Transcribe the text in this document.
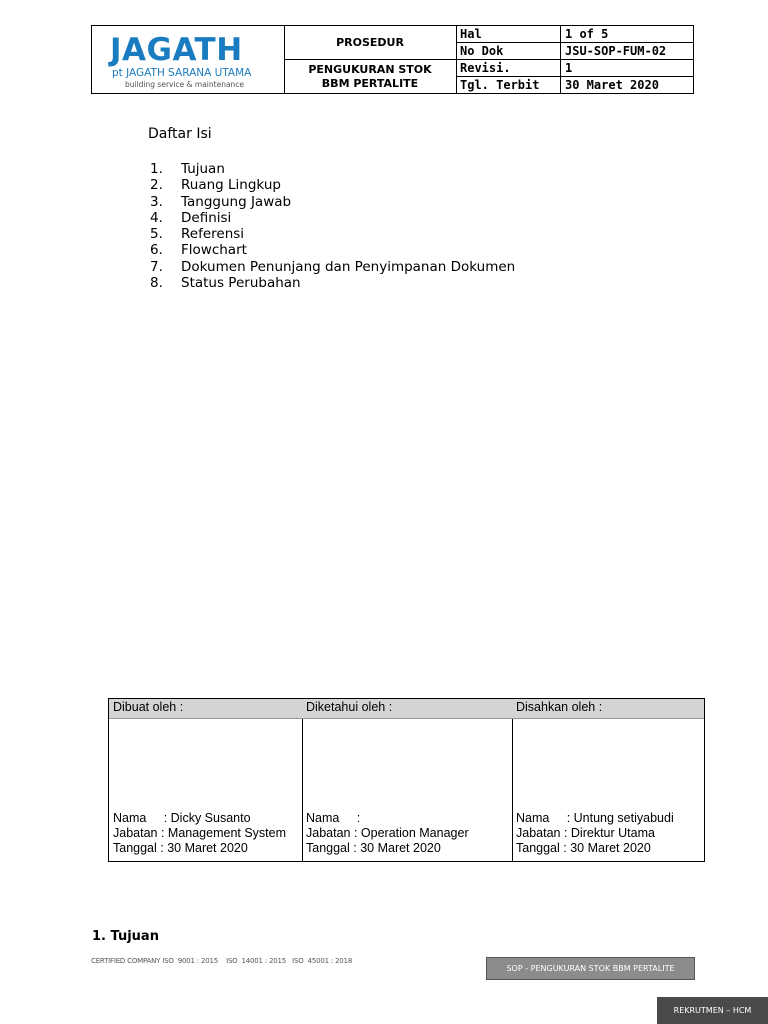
JAGATH
pt JAGATH SARANA UTAMA
building service & maintenance
PROSEDUR
PENGUKURAN STOK
BBM PERTALITE
Hal	1 of 5
No Dok	JSU-SOP-FUM-02
Revisi.	1
Tgl. Terbit	30 Maret 2020
Daftar Isi
1.	Tujuan
2.	Ruang Lingkup
3.	Tanggung Jawab
4.	Definisi
5.	Referensi
6.	Flowchart
7.	Dokumen Penunjang dan Penyimpanan Dokumen
8.	Status Perubahan
Dibuat oleh :
Nama     : Dicky Susanto
Jabatan : Management System
Tanggal : 30 Maret 2020
Diketahui oleh :
Nama     :
Jabatan : Operation Manager
Tanggal : 30 Maret 2020
Disahkan oleh :
Nama     : Untung setiyabudi
Jabatan : Direktur Utama
Tanggal : 30 Maret 2020
1. Tujuan
CERTIFIED COMPANY ISO  9001 : 2015    ISO  14001 : 2015   ISO  45001 : 2018
SOP - PENGUKURAN STOK BBM PERTALITE
REKRUTMEN – HCM
